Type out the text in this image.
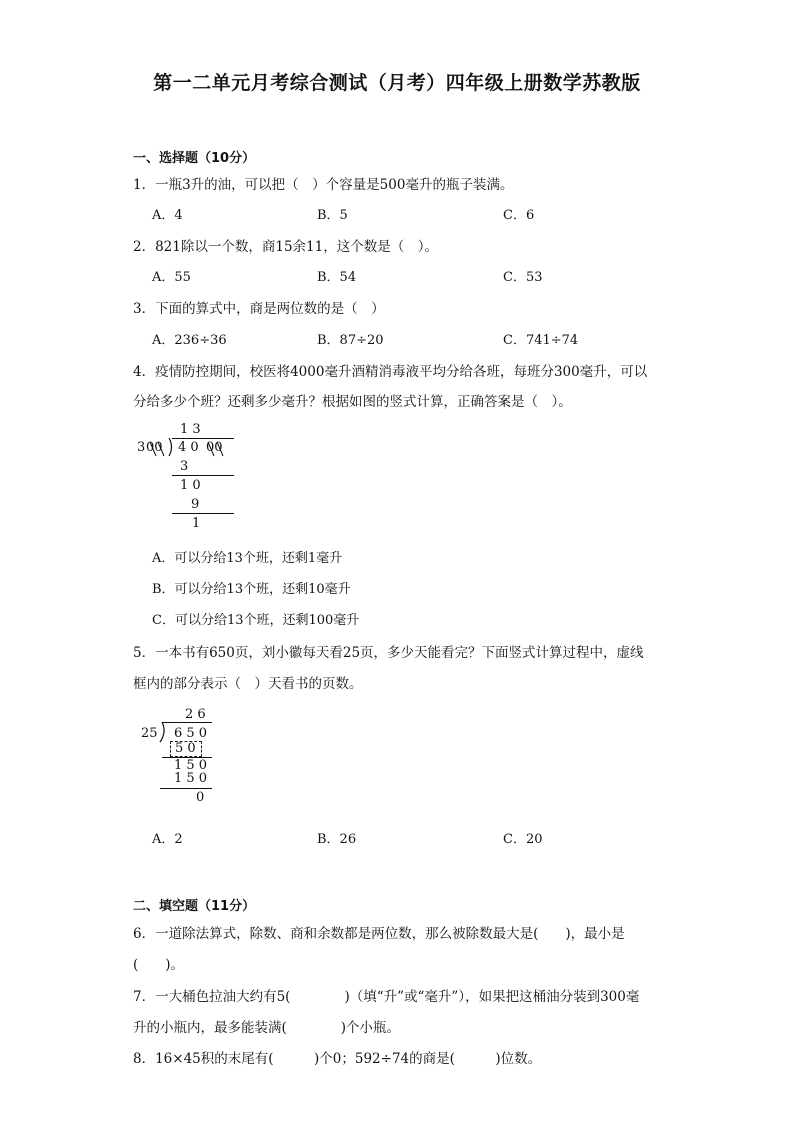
第一二单元月考综合测试（月考）四年级上册数学苏教版
一、选择题（10分）
1．一瓶3升的油，可以把（　）个容量是500毫升的瓶子装满。
A．4	B．5	C．6
2．821除以一个数，商15余11，这个数是（　）。
A．55	B．54	C．53
3．下面的算式中，商是两位数的是（　）
A．236÷36	B．87÷20	C．741÷74
4．疫情防控期间，校医将4000毫升酒精消毒液平均分给各班，每班分300毫升，可以
分给多少个班？还剩多少毫升？根据如图的竖式计算，正确答案是（　）。
1 3
3 00 4 0 00
3
1 0
9
1
A．可以分给13个班，还剩1毫升
B．可以分给13个班，还剩10毫升
C．可以分给13个班，还剩100毫升
5．一本书有650页，刘小徽每天看25页，多少天能看完？下面竖式计算过程中，虚线
框内的部分表示（　）天看书的页数。
2 6
25 6 5 0
5 0
1 5 0
1 5 0
0
A．2	B．26	C．20
二、填空题（11分）
6．一道除法算式，除数、商和余数都是两位数，那么被除数最大是(　　)，最小是
(　　)。
7．一大桶色拉油大约有5(　　　　)（填“升”或“毫升”），如果把这桶油分装到300毫
升的小瓶内，最多能装满(　　　　)个小瓶。
8．16×45积的末尾有(　　　)个0；592÷74的商是(　　　)位数。
